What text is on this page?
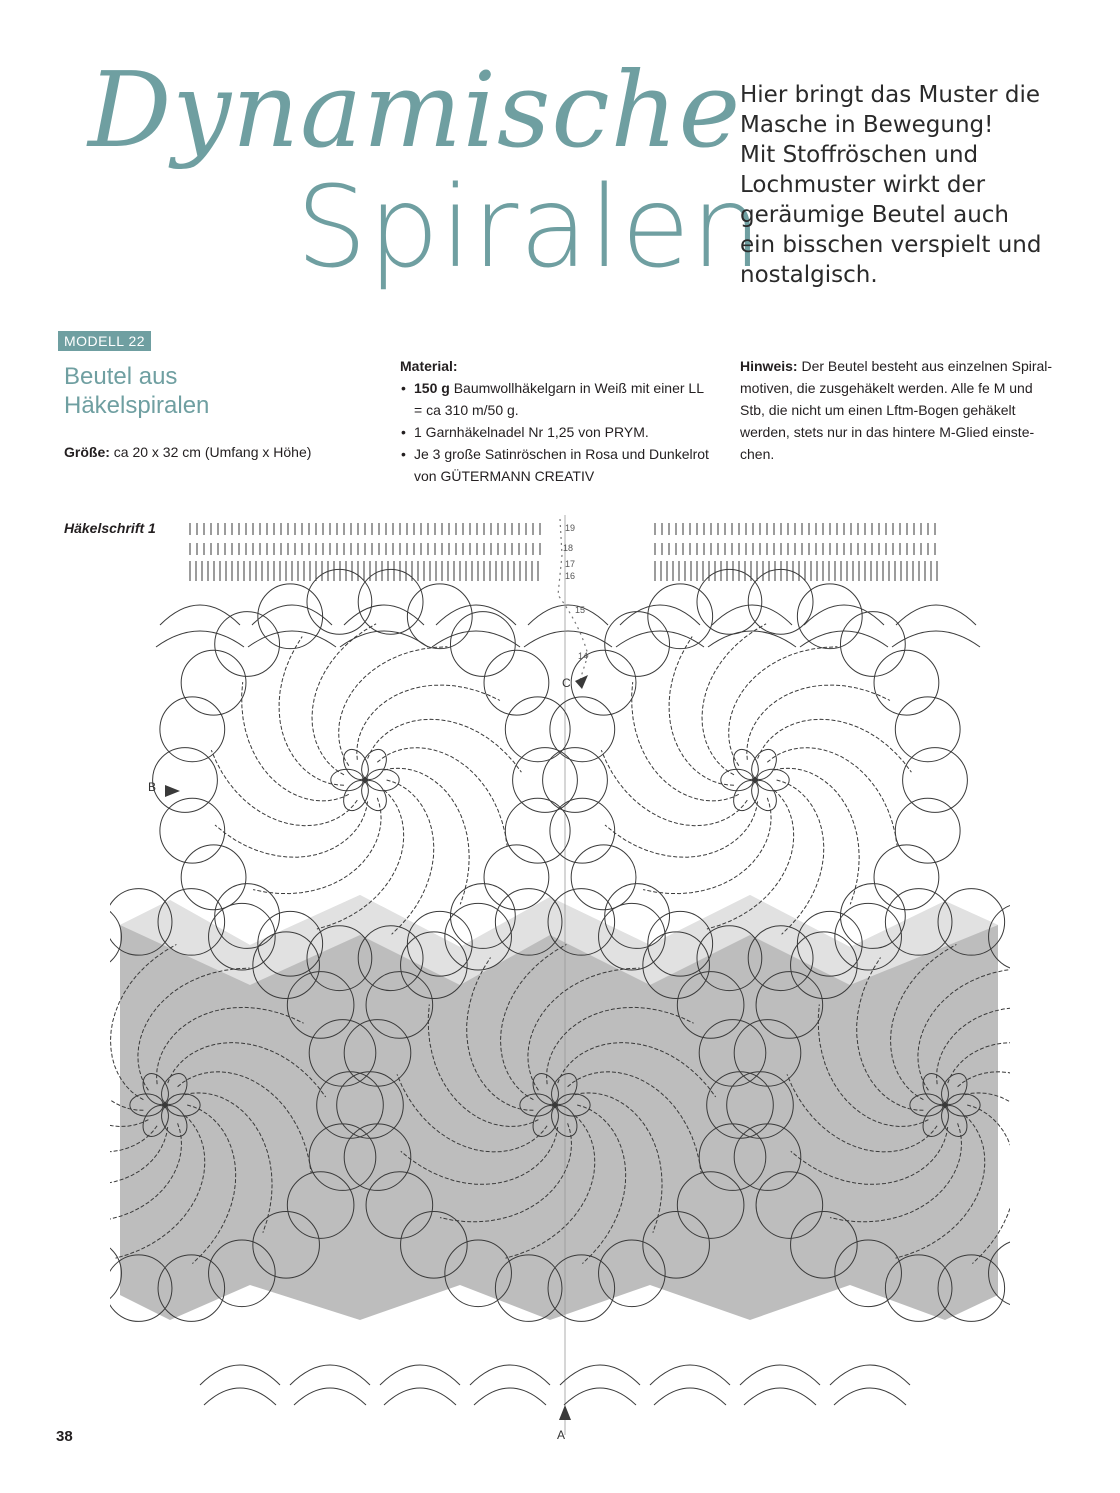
Dynamische
Spiralen
Hier bringt das Muster die
Masche in Bewegung!
Mit Stoffröschen und
Lochmuster wirkt der
geräumige Beutel auch
ein bisschen verspielt und
nostalgisch.
MODELL 22
Beutel aus
Häkelspiralen
Größe: ca 20 x 32 cm (Umfang x Höhe)
Material:
• 150 g Baumwollhäkelgarn in Weiß mit einer LL
= ca 310 m/50 g.
• 1 Garnhäkelnadel Nr 1,25 von PRYM.
• Je 3 große Satinröschen in Rosa und Dunkelrot
von GÜTERMANN CREATIV
Hinweis: Der Beutel besteht aus einzelnen Spiral-
motiven, die zusgehäkelt werden. Alle fe M und
Stb, die nicht um einen Lftm-Bogen gehäkelt
werden, stets nur in das hintere M-Glied einste-
chen.
Häkelschrift 1	19
18
17
16
15
14
C
B
A
38
